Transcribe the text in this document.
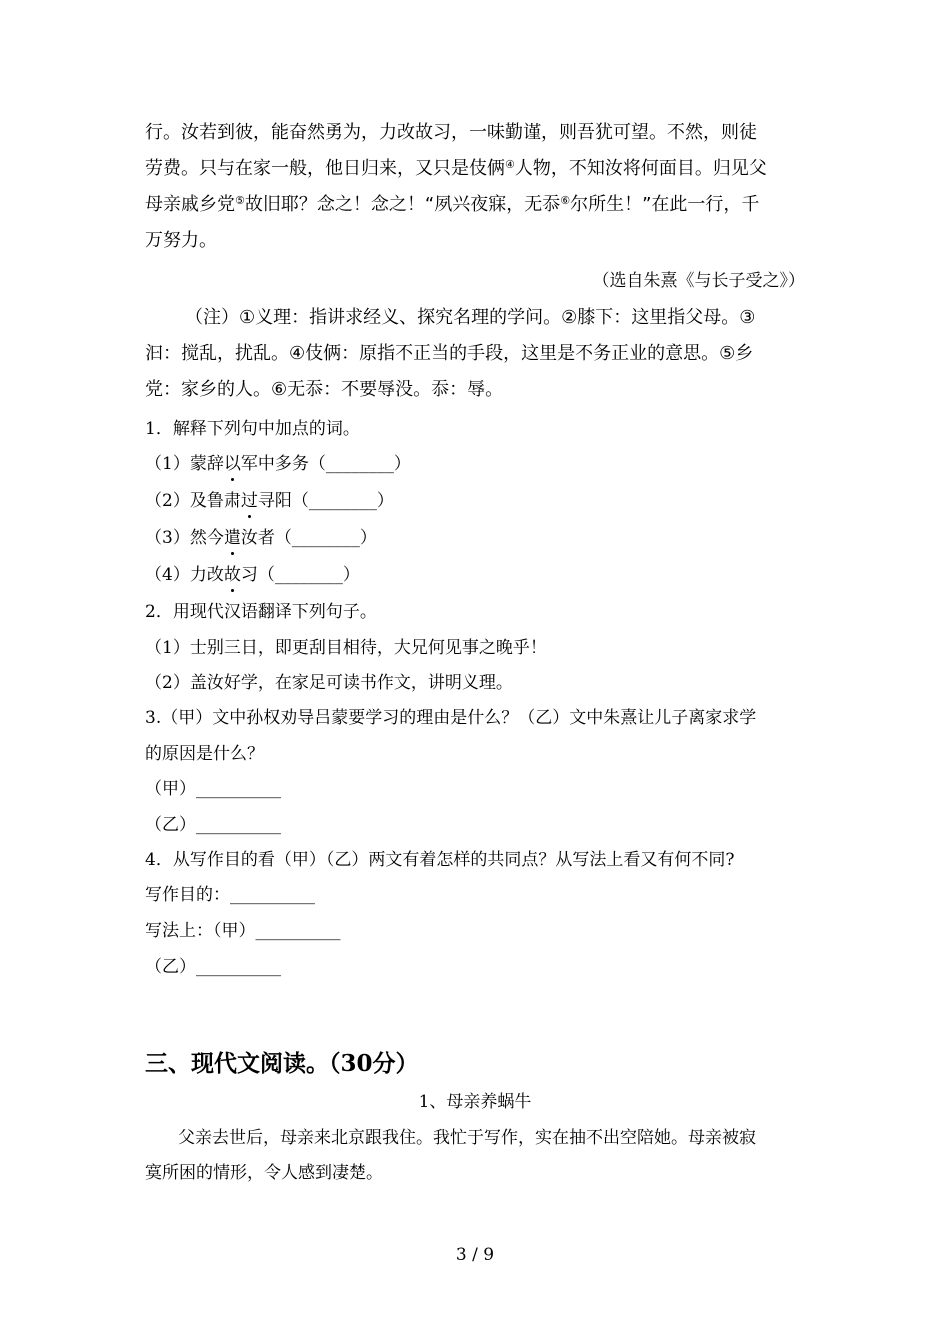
行。汝若到彼，能奋然勇为，力改故习，一味勤谨，则吾犹可望。不然，则徒
劳费。只与在家一般，他日归来，又只是伎俩④人物，不知汝将何面目。归见父
母亲戚乡党⑤故旧耶？念之！念之！“夙兴夜寐，无忝⑥尔所生！”在此一行，千
万努力。
（选自朱熹《与长子受之》）
（注）①义理：指讲求经义、探究名理的学问。②膝下：这里指父母。③
汩：搅乱，扰乱。④伎俩：原指不正当的手段，这里是不务正业的意思。⑤乡
党：家乡的人。⑥无忝：不要辱没。忝：辱。
1．解释下列句中加点的词。
（1）蒙辞以军中多务（________）
（2）及鲁肃过寻阳（________）
（3）然今遣汝者（________）
（4）力改故习（________）
2．用现代汉语翻译下列句子。
（1）士别三日，即更刮目相待，大兄何见事之晚乎！
（2）盖汝好学，在家足可读书作文，讲明义理。
3.（甲）文中孙权劝导吕蒙要学习的理由是什么？（乙）文中朱熹让儿子离家求学
的原因是什么？
（甲）__________
（乙）__________
4．从写作目的看（甲）（乙）两文有着怎样的共同点？从写法上看又有何不同?
写作目的：__________
写法上：（甲）__________
（乙）__________
三、现代文阅读。（30分）
1、母亲养蜗牛
父亲去世后，母亲来北京跟我住。我忙于写作，实在抽不出空陪她。母亲被寂
寞所困的情形，令人感到凄楚。
3 / 9
